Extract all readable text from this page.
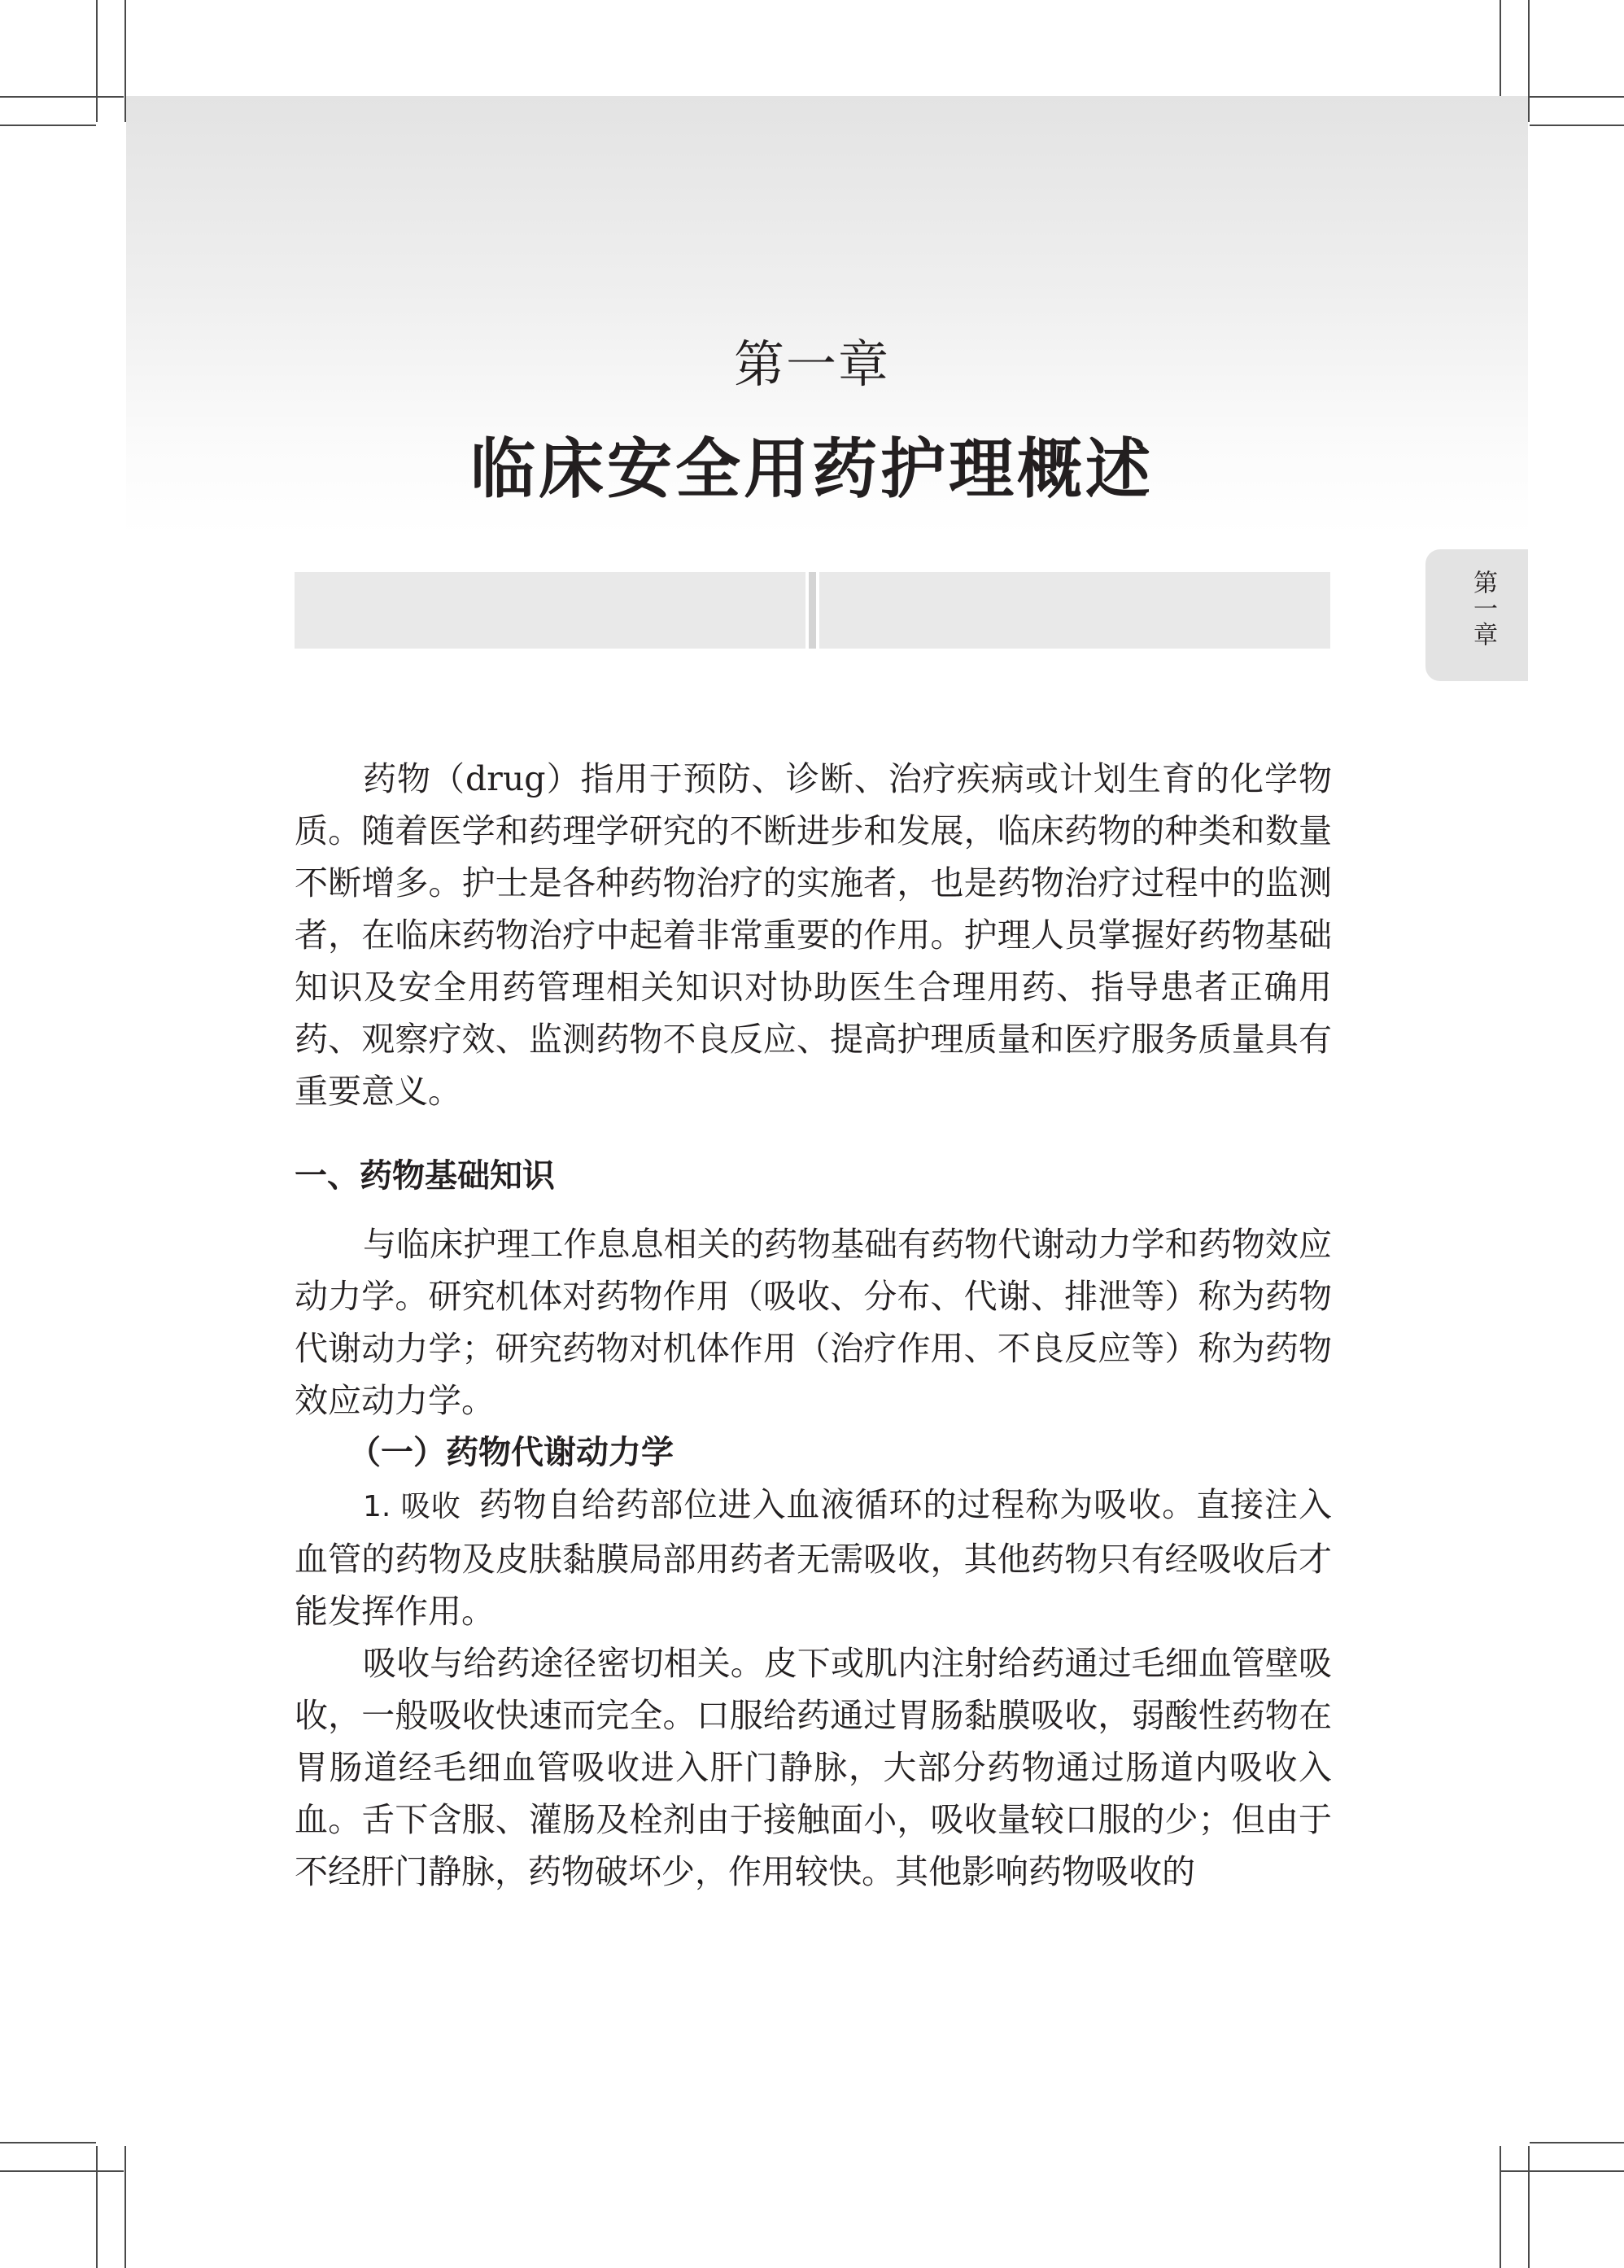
第一章
临床安全用药护理概述
第一章

药物（drug）指用于预防、诊断、治疗疾病或计划生育的化学物质。随着医学和药理学研究的不断进步和发展，临床药物的种类和数量不断增多。护士是各种药物治疗的实施者，也是药物治疗过程中的监测者，在临床药物治疗中起着非常重要的作用。护理人员掌握好药物基础知识及安全用药管理相关知识对协助医生合理用药、指导患者正确用药、观察疗效、监测药物不良反应、提高护理质量和医疗服务质量具有重要意义。

一、药物基础知识

与临床护理工作息息相关的药物基础有药物代谢动力学和药物效应动力学。研究机体对药物作用（吸收、分布、代谢、排泄等）称为药物代谢动力学；研究药物对机体作用（治疗作用、不良反应等）称为药物效应动力学。

（一）药物代谢动力学

1. 吸收 药物自给药部位进入血液循环的过程称为吸收。直接注入血管的药物及皮肤黏膜局部用药者无需吸收，其他药物只有经吸收后才能发挥作用。

吸收与给药途径密切相关。皮下或肌内注射给药通过毛细血管壁吸收，一般吸收快速而完全。口服给药通过胃肠黏膜吸收，弱酸性药物在胃肠道经毛细血管吸收进入肝门静脉，大部分药物通过肠道内吸收入血。舌下含服、灌肠及栓剂由于接触面小，吸收量较口服的少；但由于不经肝门静脉，药物破坏少，作用较快。其他影响药物吸收的
